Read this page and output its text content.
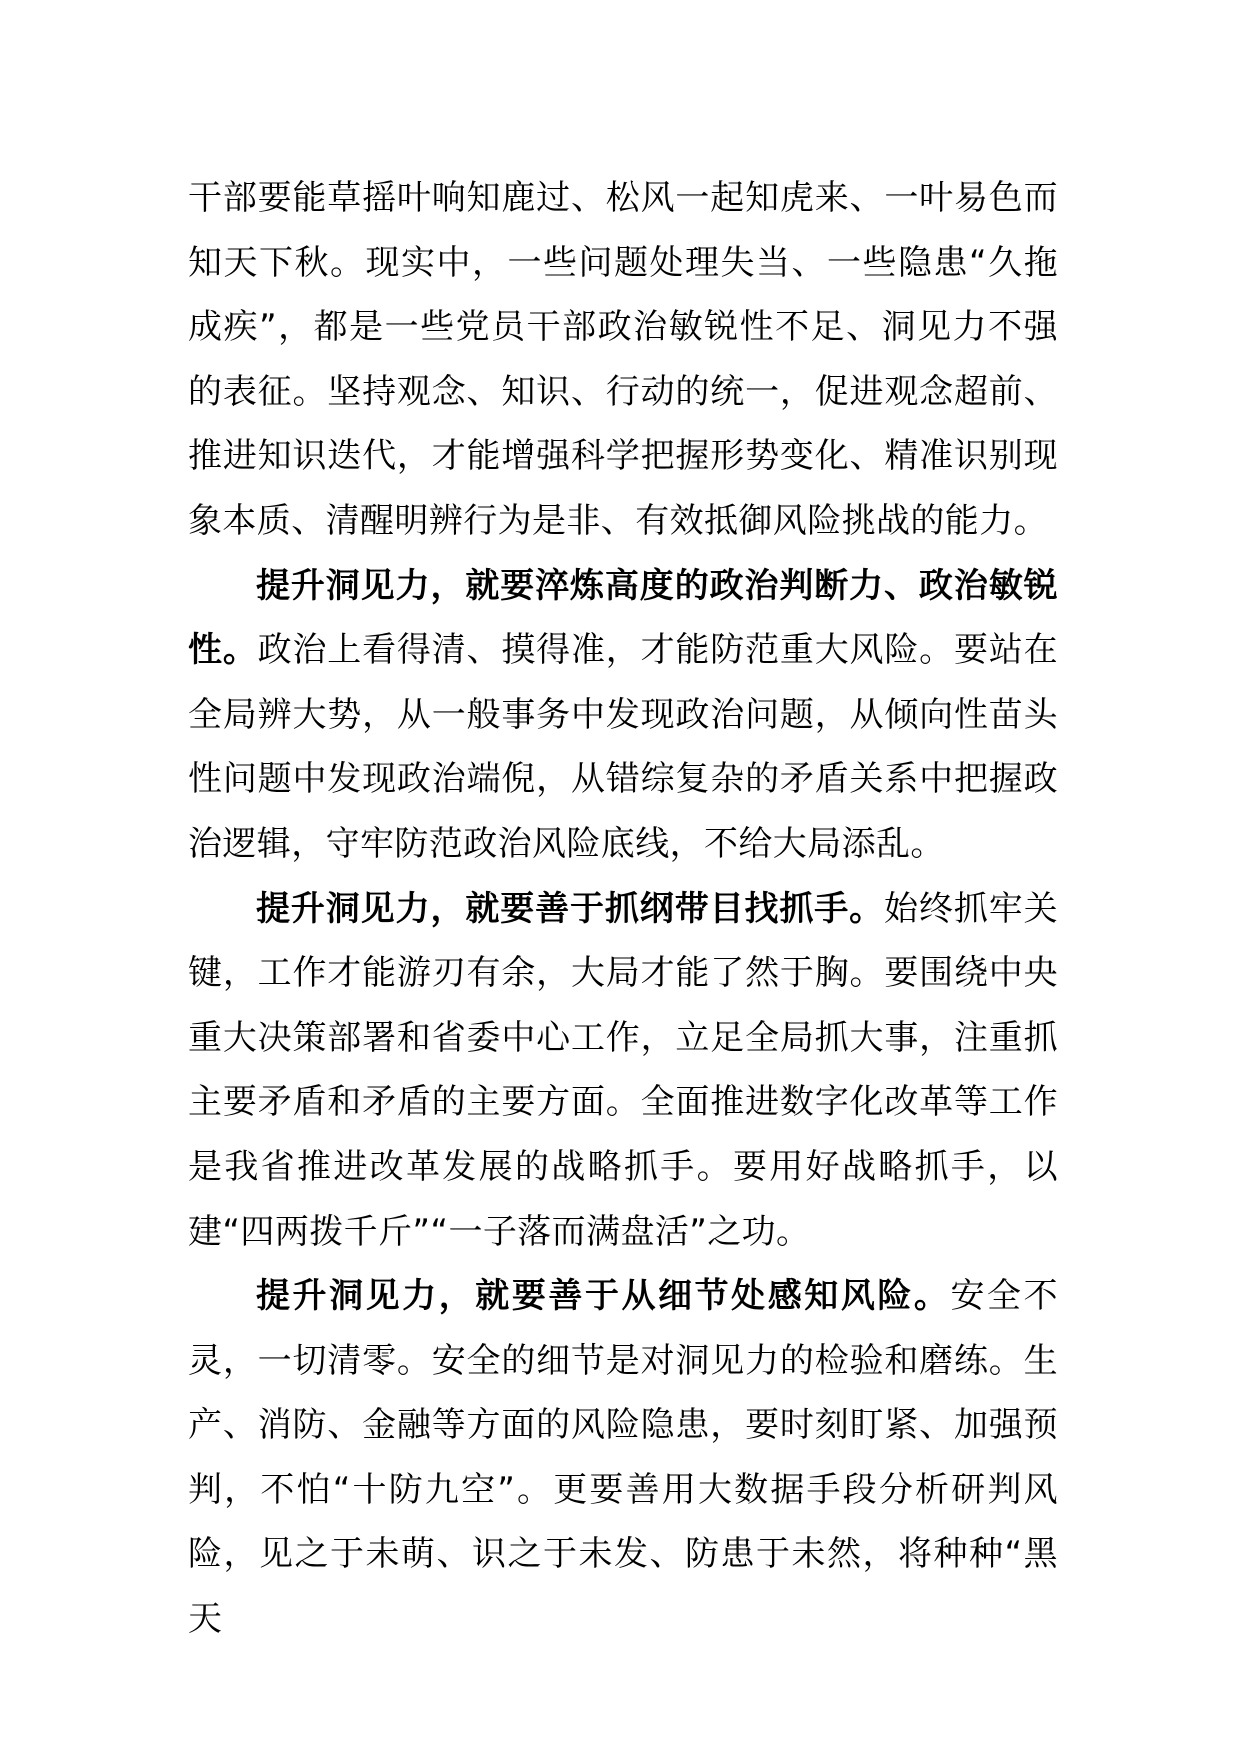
干部要能草摇叶响知鹿过、松风一起知虎来、一叶易色而知天下秋。现实中，一些问题处理失当、一些隐患“久拖成疾”，都是一些党员干部政治敏锐性不足、洞见力不强的表征。坚持观念、知识、行动的统一，促进观念超前、推进知识迭代，才能增强科学把握形势变化、精准识别现象本质、清醒明辨行为是非、有效抵御风险挑战的能力。

提升洞见力，就要淬炼高度的政治判断力、政治敏锐性。政治上看得清、摸得准，才能防范重大风险。要站在全局辨大势，从一般事务中发现政治问题，从倾向性苗头性问题中发现政治端倪，从错综复杂的矛盾关系中把握政治逻辑，守牢防范政治风险底线，不给大局添乱。

提升洞见力，就要善于抓纲带目找抓手。始终抓牢关键，工作才能游刃有余，大局才能了然于胸。要围绕中央重大决策部署和省委中心工作，立足全局抓大事，注重抓主要矛盾和矛盾的主要方面。全面推进数字化改革等工作是我省推进改革发展的战略抓手。要用好战略抓手，以建“四两拨千斤”“一子落而满盘活”之功。

提升洞见力，就要善于从细节处感知风险。安全不灵，一切清零。安全的细节是对洞见力的检验和磨练。生产、消防、金融等方面的风险隐患，要时刻盯紧、加强预判，不怕“十防九空”。更要善用大数据手段分析研判风险，见之于未萌、识之于未发、防患于未然，将种种“黑天
